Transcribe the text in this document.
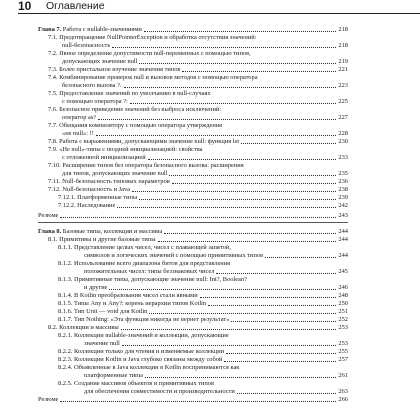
10 Оглавление
Глава 7. Работа с nullable-значениями	218
7.1. Предотвращение NullPointerException и обработка отсутствия значений:
null-безопасность	218
7.2. Явное определение допустимости null-переменных с помощью типов,
допускающих значение null	219
7.3. Более пристальное изучение значения типов	221
7.4. Комбинирование проверок null и вызовов методов с помощью оператора
безопасного вызова ?.	223
7.5. Предоставление значений по умолчанию в null-случаях
с помощью оператора ?:	225
7.6. Безопасное приведение значений без выброса исключений:
оператор as?	227
7.7. Обещания компилятору с помощью оператора утверждения
«не null»: !!	228
7.8. Работа с выражениями, допускающими значение null: функция let	230
7.9. «Не null»-типы с поздней инициализацией: свойства
с отложенной инициализацией	233
7.10. Расширение типов без оператора безопасного вызова: расширения
для типов, допускающих значение null	235
7.11. Null-безопасность типовых параметров	236
7.12. Null-безопасность и Java	238
7.12.1. Платформенные типы	239
7.12.2. Наследование	242
Резюме	243
Глава 8. Базовые типы, коллекции и массивы	244
8.1. Примитивы и другие базовые типы	244
8.1.1. Представление целых чисел, чисел с плавающей запятой,
символов и логических значений с помощью примитивных типов	244
8.1.2. Использование всего диапазона битов для представления
положительных чисел: типы беззнаковых чисел	245
8.1.3. Примитивные типы, допускающие значение null: Int?, Boolean?
и другие	246
8.1.4. В Kotlin преобразования чисел стали явными	248
8.1.5. Типы Any и Any?: корень иерархии типов Kotlin	250
8.1.6. Тип Unit — void для Kotlin	251
8.1.7. Тип Nothing: «Эта функция никогда не вернет результат»	252
8.2. Коллекции и массивы	253
8.2.1. Коллекции nullable-значений и коллекции, допускающие
значение null	253
8.2.2. Коллекции только для чтения и изменяемые коллекции	255
8.2.3. Коллекции Kotlin и Java глубоко связаны между собой	257
8.2.4. Объявленные в Java коллекции в Kotlin воспринимаются как
платформенные типы	261
8.2.5. Создание массивов объектов и примитивных типов
для обеспечения совместимости и производительности	263
Резюме	266
